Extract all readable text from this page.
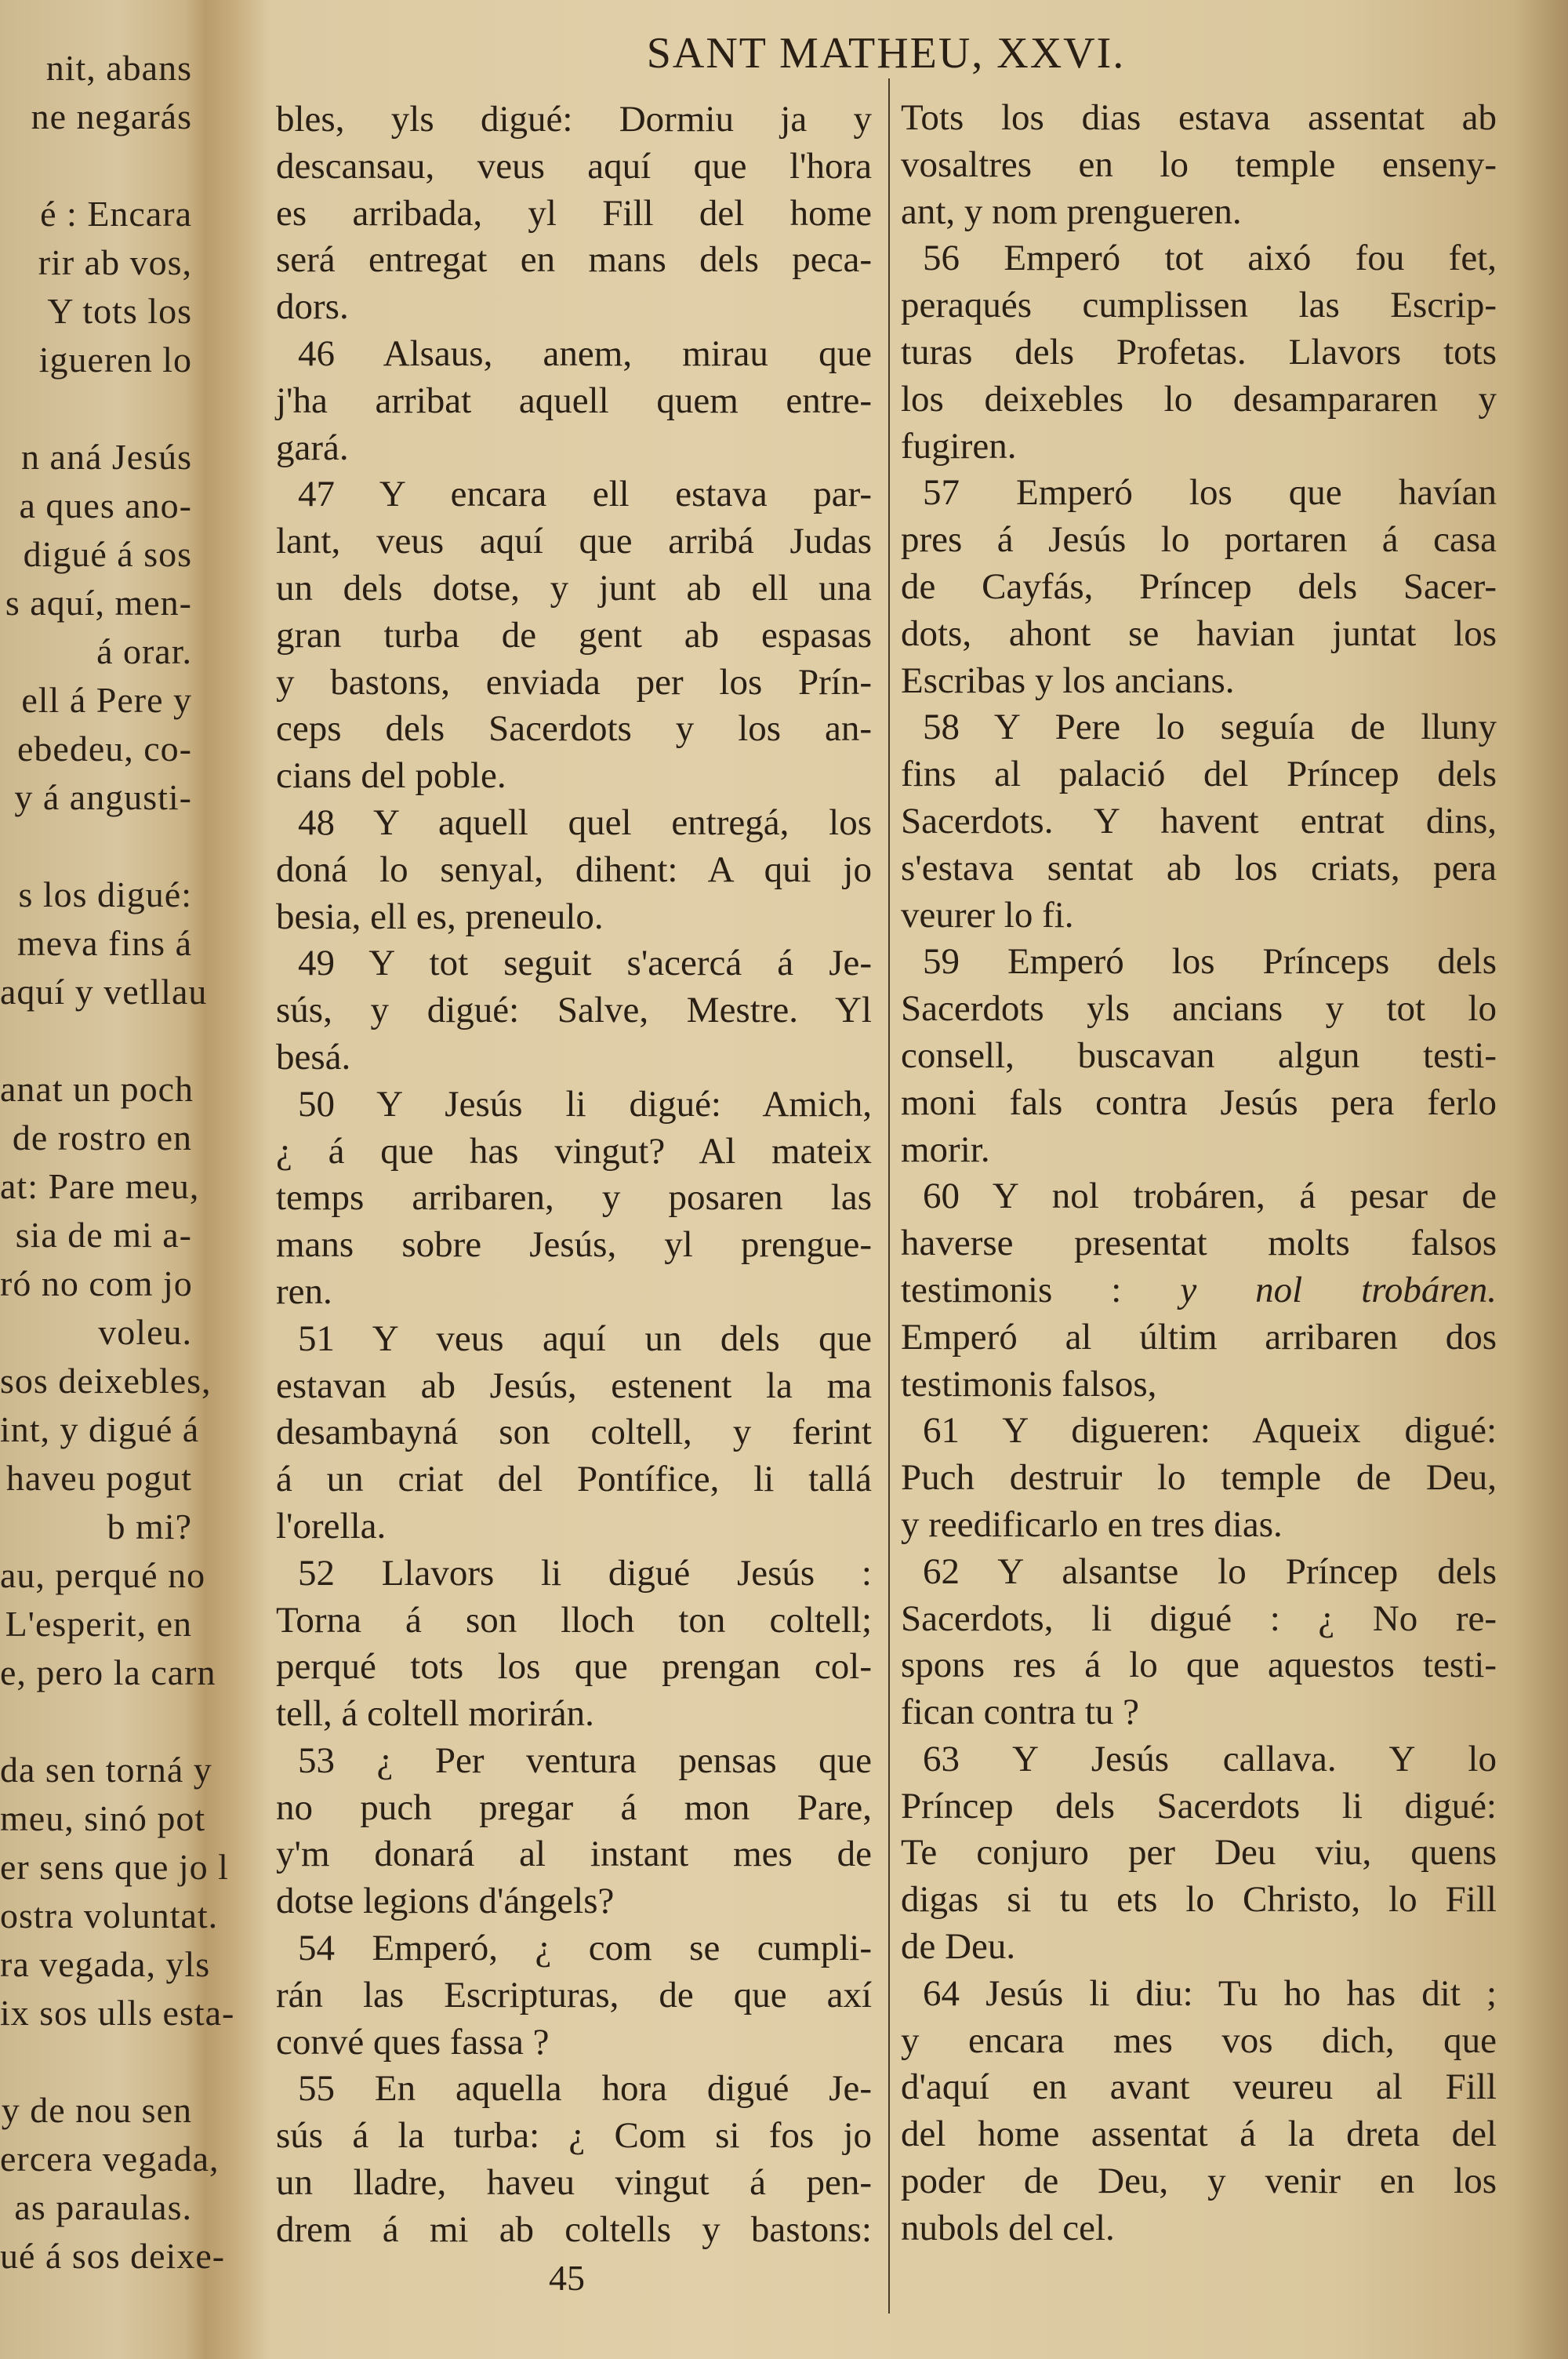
nit, abans
ne negarás
é : Encara
rir ab vos,
Y tots los
igueren lo
n aná Jesús
a ques ano-
digué á sos
s aquí, men-
á orar.
ell á Pere y
ebedeu, co-
y á angusti-
s los digué:
meva fins á
aquí y vetllau
anat un poch
de rostro en
at: Pare meu,
sia de mi a-
ró no com jo
voleu.
sos deixebles,
int, y digué á
haveu pogut
b mi?
au, perqué no
L'esperit, en
e, pero la carn
da sen torná y
meu, sinó pot
er sens que jo l
ostra voluntat.
ra vegada, yls
ix sos ulls esta-
y de nou sen
ercera vegada,
as paraulas.
ué á sos deixe-
SANT MATHEU, XXVI.
bles, yls digué: Dormiu ja y
descansau, veus aquí que l'hora
es arribada, yl Fill del home
será entregat en mans dels peca-
dors.
46 Alsaus, anem, mirau que
j'ha arribat aquell quem entre-
gará.
47 Y encara ell estava par-
lant, veus aquí que arribá Judas
un dels dotse, y junt ab ell una
gran turba de gent ab espasas
y bastons, enviada per los Prín-
ceps dels Sacerdots y los an-
cians del poble.
48 Y aquell quel entregá, los
doná lo senyal, dihent: A qui jo
besia, ell es, preneulo.
49 Y tot seguit s'acercá á Je-
sús, y digué: Salve, Mestre. Yl
besá.
50 Y Jesús li digué: Amich,
¿ á que has vingut? Al mateix
temps arribaren, y posaren las
mans sobre Jesús, yl prengue-
ren.
51 Y veus aquí un dels que
estavan ab Jesús, estenent la ma
desambayná son coltell, y ferint
á un criat del Pontífice, li tallá
l'orella.
52 Llavors li digué Jesús :
Torna á son lloch ton coltell;
perqué tots los que prengan col-
tell, á coltell morirán.
53 ¿ Per ventura pensas que
no puch pregar á mon Pare,
y'm donará al instant mes de
dotse legions d'ángels?
54 Emperó, ¿ com se cumpli-
rán las Escripturas, de que axí
convé ques fassa ?
55 En aquella hora digué Je-
sús á la turba: ¿ Com si fos jo
un lladre, haveu vingut á pen-
drem á mi ab coltells y bastons:
Tots los dias estava assentat ab
vosaltres en lo temple enseny-
ant, y nom prengueren.
56 Emperó tot aixó fou fet,
peraqués cumplissen las Escrip-
turas dels Profetas. Llavors tots
los deixebles lo desampararen y
fugiren.
57 Emperó los que havían
pres á Jesús lo portaren á casa
de Cayfás, Príncep dels Sacer-
dots, ahont se havian juntat los
Escribas y los ancians.
58 Y Pere lo seguía de lluny
fins al palació del Príncep dels
Sacerdots. Y havent entrat dins,
s'estava sentat ab los criats, pera
veurer lo fi.
59 Emperó los Prínceps dels
Sacerdots yls ancians y tot lo
consell, buscavan algun testi-
moni fals contra Jesús pera ferlo
morir.
60 Y nol trobáren, á pesar de
haverse presentat molts falsos
testimonis : y nol trobáren.
Emperó al últim arribaren dos
testimonis falsos,
61 Y digueren: Aqueix digué:
Puch destruir lo temple de Deu,
y reedificarlo en tres dias.
62 Y alsantse lo Príncep dels
Sacerdots, li digué : ¿ No re-
spons res á lo que aquestos testi-
fican contra tu ?
63 Y Jesús callava. Y lo
Príncep dels Sacerdots li digué:
Te conjuro per Deu viu, quens
digas si tu ets lo Christo, lo Fill
de Deu.
64 Jesús li diu: Tu ho has dit ;
y encara mes vos dich, que
d'aquí en avant veureu al Fill
del home assentat á la dreta del
poder de Deu, y venir en los
nubols del cel.
45
